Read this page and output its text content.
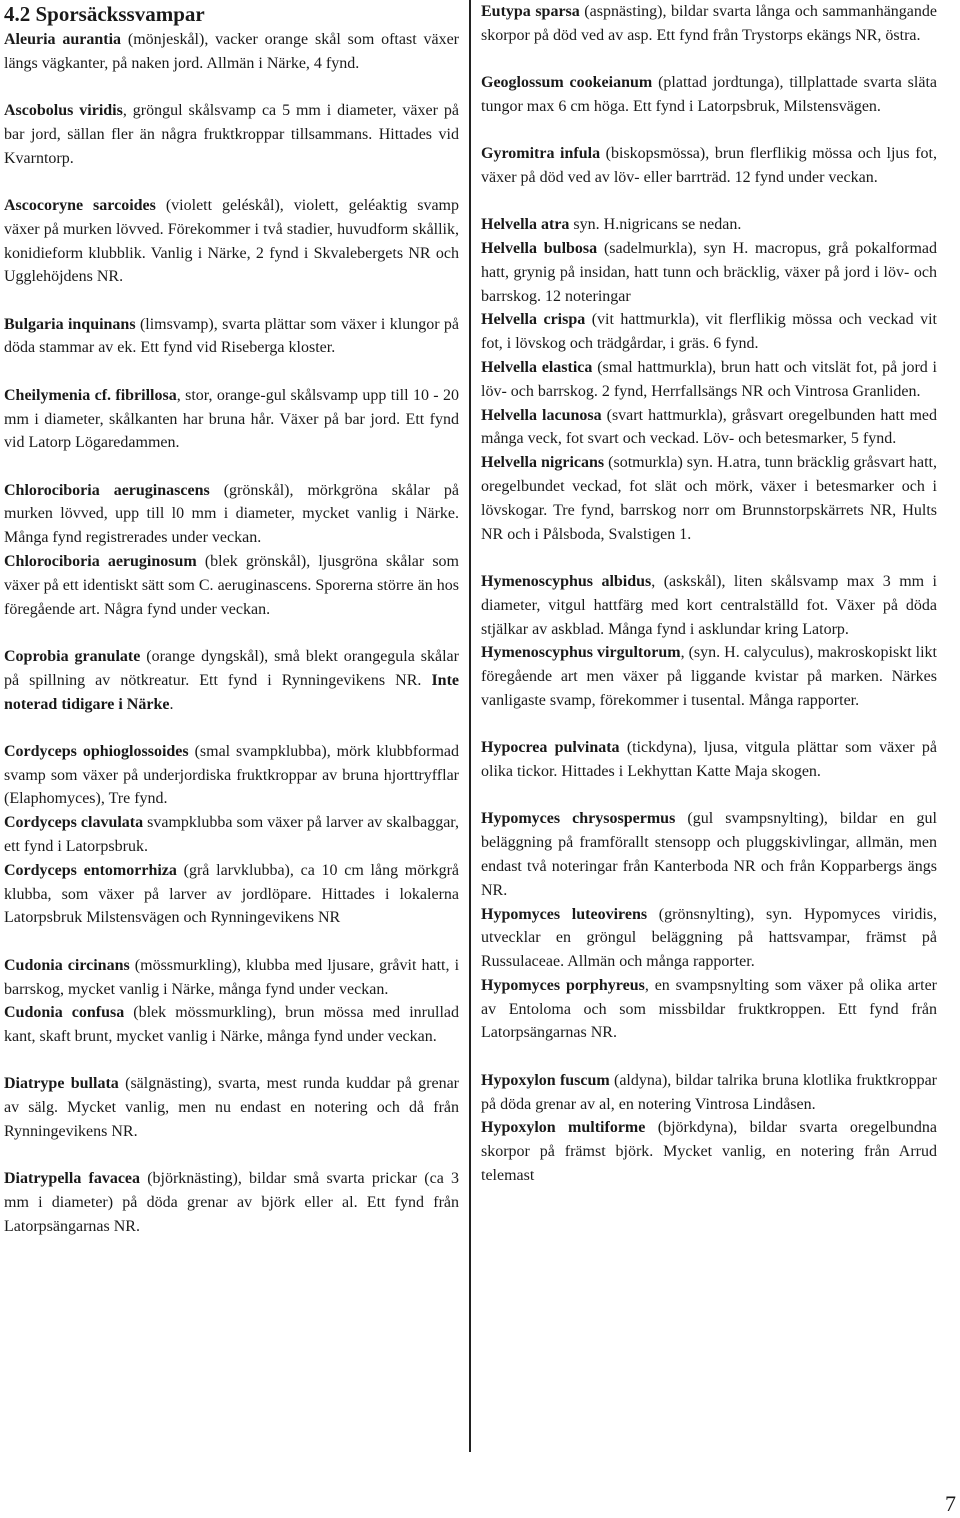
4.2 Sporsäckssvampar

Aleuria aurantia (mönjeskål), vacker orange skål som oftast växer längs vägkanter, på naken jord. Allmän i Närke, 4 fynd.

Ascobolus viridis, gröngul skålsvamp ca 5 mm i diameter, växer på bar jord, sällan fler än några fruktkroppar tillsammans. Hittades vid Kvarntorp.

Ascocoryne sarcoides (violett geléskål), violett, geléaktig svamp växer på murken lövved. Förekommer i två stadier, huvudform skållik, konidieform klubblik. Vanlig i Närke, 2 fynd i Skvalebergets NR och Ugglehöjdens NR.

Bulgaria inquinans (limsvamp), svarta plättar som växer i klungor på döda stammar av ek. Ett fynd vid Riseberga kloster.

Cheilymenia cf. fibrillosa, stor, orange-gul skålsvamp upp till 10 - 20 mm i diameter, skålkanten har bruna hår. Växer på bar jord. Ett fynd vid Latorp Lögaredammen.

Chlorociboria aeruginascens (grönskål), mörkgröna skålar på murken lövved, upp till l0 mm i diameter, mycket vanlig i Närke. Många fynd registrerades under veckan.

Chlorociboria aeruginosum (blek grönskål), ljusgröna skålar som växer på ett identiskt sätt som C. aeruginascens. Sporerna större än hos föregående art. Några fynd under veckan.

Coprobia granulate (orange dyngskål), små blekt orangegula skålar på spillning av nötkreatur. Ett fynd i Rynningevikens NR. Inte noterad tidigare i Närke.

Cordyceps ophioglossoides (smal svampklubba), mörk klubbformad svamp som växer på underjordiska fruktkroppar av bruna hjorttryfflar (Elaphomyces), Tre fynd.

Cordyceps clavulata svampklubba som växer på larver av skalbaggar, ett fynd i Latorpsbruk.

Cordyceps entomorrhiza (grå larvklubba), ca 10 cm lång mörkgrå klubba, som växer på larver av jordlöpare. Hittades i lokalerna Latorpsbruk Milstensvägen och Rynningevikens NR

Cudonia circinans (mössmurkling), klubba med ljusare, gråvit hatt, i barrskog, mycket vanlig i Närke, många fynd under veckan.

Cudonia confusa (blek mössmurkling), brun mössa med inrullad kant, skaft brunt, mycket vanlig i Närke, många fynd under veckan.

Diatrype bullata (sälgnästing), svarta, mest runda kuddar på grenar av sälg. Mycket vanlig, men nu endast en notering och då från Rynningevikens NR.

Diatrypella favacea (björknästing), bildar små svarta prickar (ca 3 mm i diameter) på döda grenar av björk eller al. Ett fynd från Latorpsängarnas NR.

Eutypa sparsa (aspnästing), bildar svarta långa och sammanhängande skorpor på död ved av asp. Ett fynd från Trystorps ekängs NR, östra.

Geoglossum cookeianum (plattad jordtunga), tillplattade svarta släta tungor max 6 cm höga. Ett fynd i Latorpsbruk, Milstensvägen.

Gyromitra infula (biskopsmössa), brun flerflikig mössa och ljus fot, växer på död ved av löv- eller barrträd. 12 fynd under veckan.

Helvella atra syn. H.nigricans se nedan.

Helvella bulbosa (sadelmurkla), syn H. macropus, grå pokalformad hatt, grynig på insidan, hatt tunn och bräcklig, växer på jord i löv- och barrskog. 12 noteringar

Helvella crispa (vit hattmurkla), vit flerflikig mössa och veckad vit fot, i lövskog och trädgårdar, i gräs. 6 fynd.

Helvella elastica (smal hattmurkla), brun hatt och vitslät fot, på jord i löv- och barrskog. 2 fynd, Herrfallsängs NR och Vintrosa Granliden.

Helvella lacunosa (svart hattmurkla), gråsvart oregelbunden hatt med många veck, fot svart och veckad. Löv- och betesmarker, 5 fynd.

Helvella nigricans (sotmurkla) syn. H.atra, tunn bräcklig gråsvart hatt, oregelbundet veckad, fot slät och mörk, växer i betesmarker och i lövskogar. Tre fynd, barrskog norr om Brunnstorpskärrets NR, Hults NR och i Pålsboda, Svalstigen 1.

Hymenoscyphus albidus, (askskål), liten skålsvamp max 3 mm i diameter, vitgul hattfärg med kort centralställd fot. Växer på döda stjälkar av askblad. Många fynd i asklundar kring Latorp.

Hymenoscyphus virgultorum, (syn. H. calyculus), makroskopiskt likt föregående art men växer på liggande kvistar på marken. Närkes vanligaste svamp, förekommer i tusental. Många rapporter.

Hypocrea pulvinata (tickdyna), ljusa, vitgula plättar som växer på olika tickor. Hittades i Lekhyttan Katte Maja skogen.

Hypomyces chrysospermus (gul svampsnylting), bildar en gul beläggning på framförallt stensopp och pluggskivlingar, allmän, men endast två noteringar från Kanterboda NR och från Kopparbergs ängs NR.

Hypomyces luteovirens (grönsnylting), syn. Hypomyces viridis, utvecklar en gröngul beläggning på hattsvampar, främst på Russulaceae. Allmän och många rapporter.

Hypomyces porphyreus, en svampsnylting som växer på olika arter av Entoloma och som missbildar fruktkroppen. Ett fynd från Latorpsängarnas NR.

Hypoxylon fuscum (aldyna), bildar talrika bruna klotlika fruktkroppar på döda grenar av al, en notering Vintrosa Lindåsen.

Hypoxylon multiforme (björkdyna), bildar svarta oregelbundna skorpor på främst björk. Mycket vanlig, en notering från Arrud telemast

7
